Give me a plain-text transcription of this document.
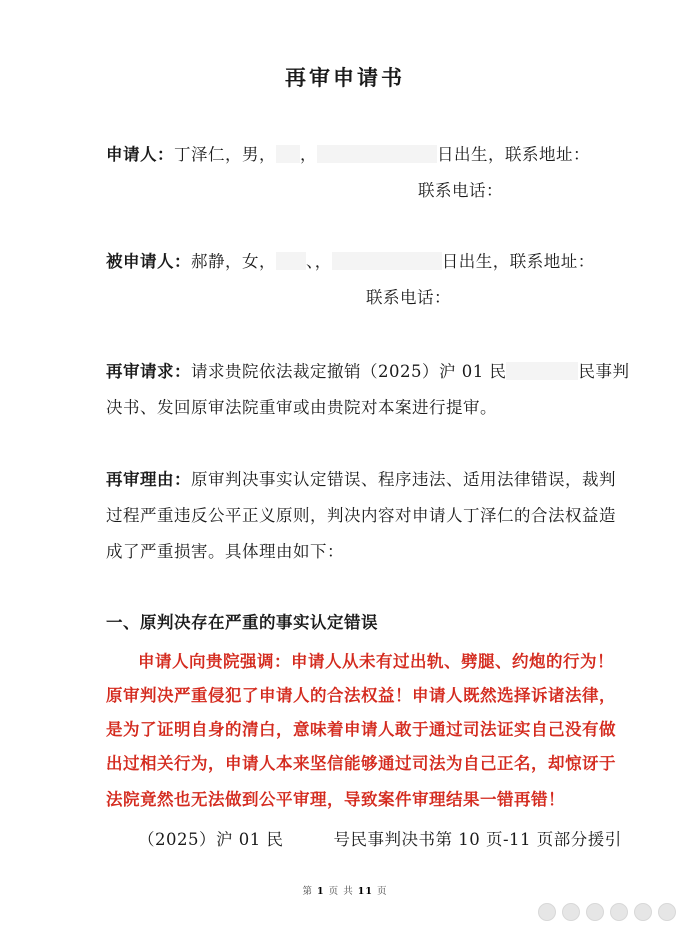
再审申请书
申请人：丁泽仁，男， ，	日出生，联系地址：
联系电话：
被申请人：郝静，女， 、，	日出生，联系地址：
联系电话：
再审请求：请求贵院依法裁定撤销（2025）沪 01 民	民事判
决书、发回原审法院重审或由贵院对本案进行提审。
再审理由：原审判决事实认定错误、程序违法、适用法律错误，裁判
过程严重违反公平正义原则，判决内容对申请人丁泽仁的合法权益造
成了严重损害。具体理由如下：
一、原判决存在严重的事实认定错误
申请人向贵院强调：申请人从未有过出轨、劈腿、约炮的行为！
原审判决严重侵犯了申请人的合法权益！申请人既然选择诉诸法律，
是为了证明自身的清白，意味着申请人敢于通过司法证实自己没有做
出过相关行为，申请人本来坚信能够通过司法为自己正名，却惊讶于
法院竟然也无法做到公平审理，导致案件审理结果一错再错！
（2025）沪 01 民	号民事判决书第 10 页-11 页部分援引
第 1 页 共 11 页
